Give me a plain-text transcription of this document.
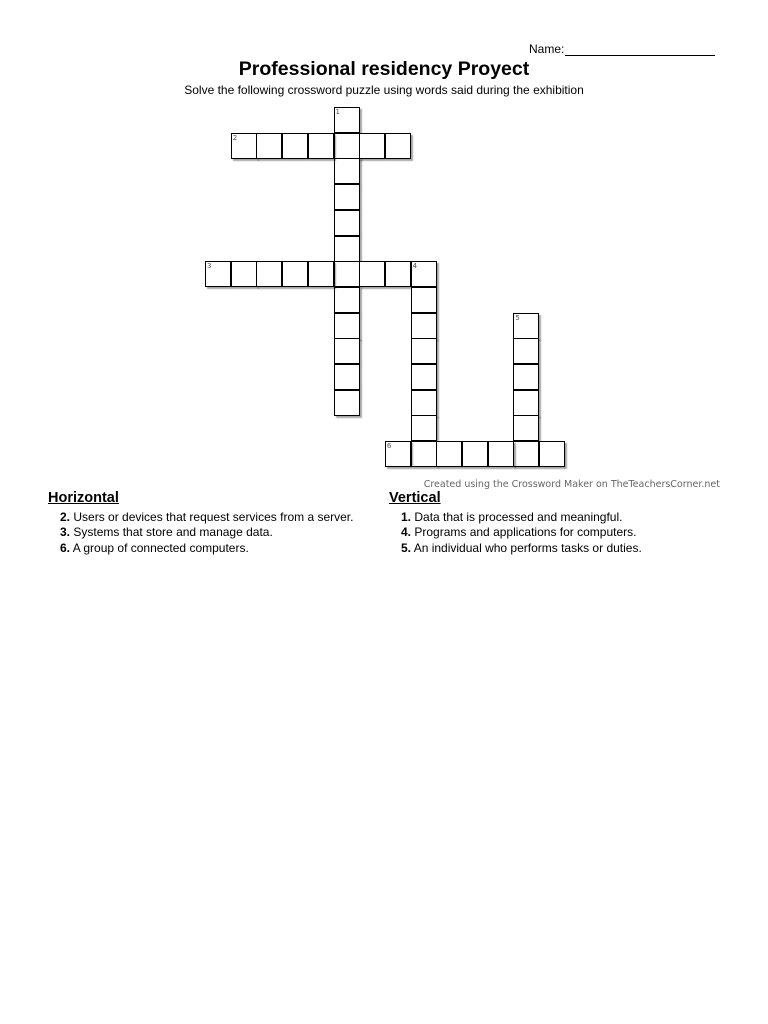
Name:
Professional residency Proyect
Solve the following crossword puzzle using words said during the exhibition
1
2
3	4
5
6
Created using the Crossword Maker on TheTeachersCorner.net
Horizontal
2. Users or devices that request services from a server.
3. Systems that store and manage data.
6. A group of connected computers.
Vertical
1. Data that is processed and meaningful.
4. Programs and applications for computers.
5. An individual who performs tasks or duties.
